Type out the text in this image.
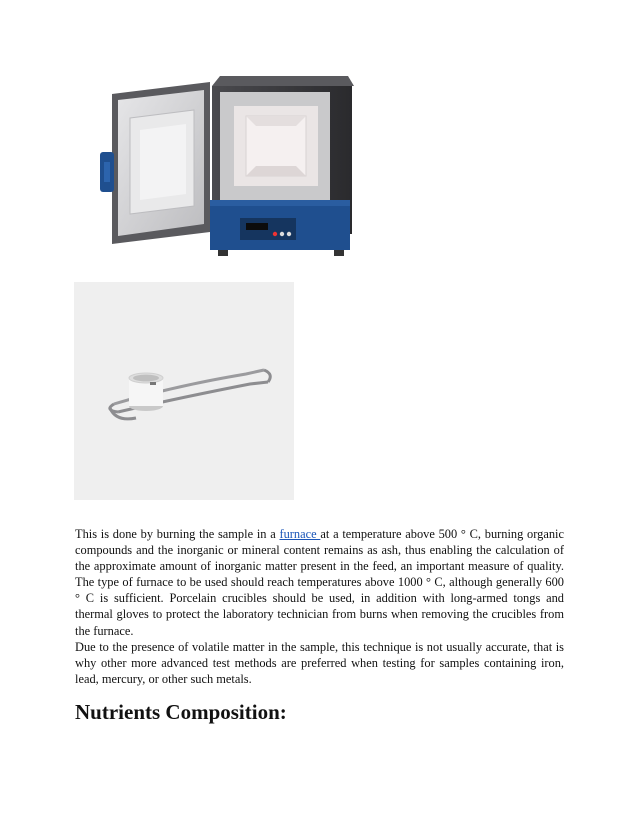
This is done by burning the sample in a furnace at a temperature above 500 ° C, burning organic compounds and the inorganic or mineral content remains as ash, thus enabling the calculation of the approximate amount of inorganic matter present in the feed, an important measure of quality. The type of furnace to be used should reach temperatures above 1000 ° C, although generally 600 ° C is sufficient. Porcelain crucibles should be used, in addition with long-armed tongs and thermal gloves to protect the laboratory technician from burns when removing the crucibles from the furnace.

Due to the presence of volatile matter in the sample, this technique is not usually accurate, that is why other more advanced test methods are preferred when testing for samples containing iron, lead, mercury, or other such metals.

Nutrients Composition:
